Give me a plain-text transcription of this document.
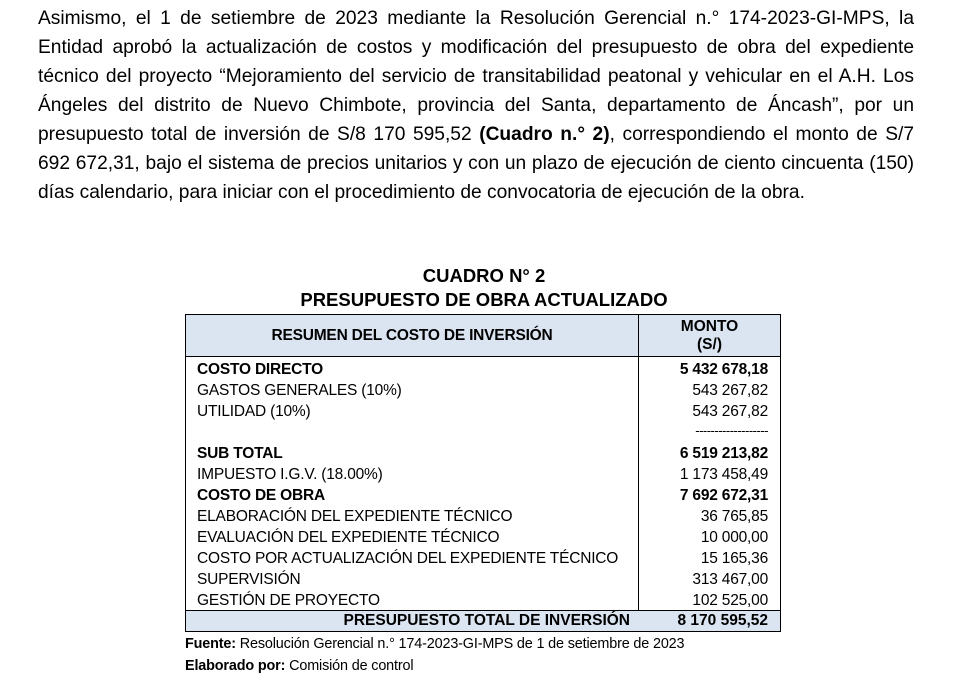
Asimismo, el 1 de setiembre de 2023 mediante la Resolución Gerencial n.° 174-2023-GI-MPS, la Entidad aprobó la actualización de costos y modificación del presupuesto de obra del expediente técnico del proyecto “Mejoramiento del servicio de transitabilidad peatonal y vehicular en el A.H. Los Ángeles del distrito de Nuevo Chimbote, provincia del Santa, departamento de Áncash”, por un presupuesto total de inversión de S/8 170 595,52 (Cuadro n.° 2), correspondiendo el monto de S/7 692 672,31, bajo el sistema de precios unitarios y con un plazo de ejecución de ciento cincuenta (150) días calendario, para iniciar con el procedimiento de convocatoria de ejecución de la obra.
CUADRO N° 2
PRESUPUESTO DE OBRA ACTUALIZADO
RESUMEN DEL COSTO DE INVERSIÓN	MONTO
(S/)
COSTO DIRECTO	5 432 678,18
GASTOS GENERALES (10%)	543 267,82
UTILIDAD (10%)	543 267,82
-------------------
SUB TOTAL	6 519 213,82
IMPUESTO I.G.V. (18.00%)	1 173 458,49
COSTO DE OBRA	7 692 672,31
ELABORACIÓN DEL EXPEDIENTE TÉCNICO	36 765,85
EVALUACIÓN DEL EXPEDIENTE TÉCNICO	10 000,00
COSTO POR ACTUALIZACIÓN DEL EXPEDIENTE TÉCNICO	15 165,36
SUPERVISIÓN	313 467,00
GESTIÓN DE PROYECTO	102 525,00
PRESUPUESTO TOTAL DE INVERSIÓN	8 170 595,52
Fuente: Resolución Gerencial n.° 174-2023-GI-MPS de 1 de setiembre de 2023
Elaborado por: Comisión de control
